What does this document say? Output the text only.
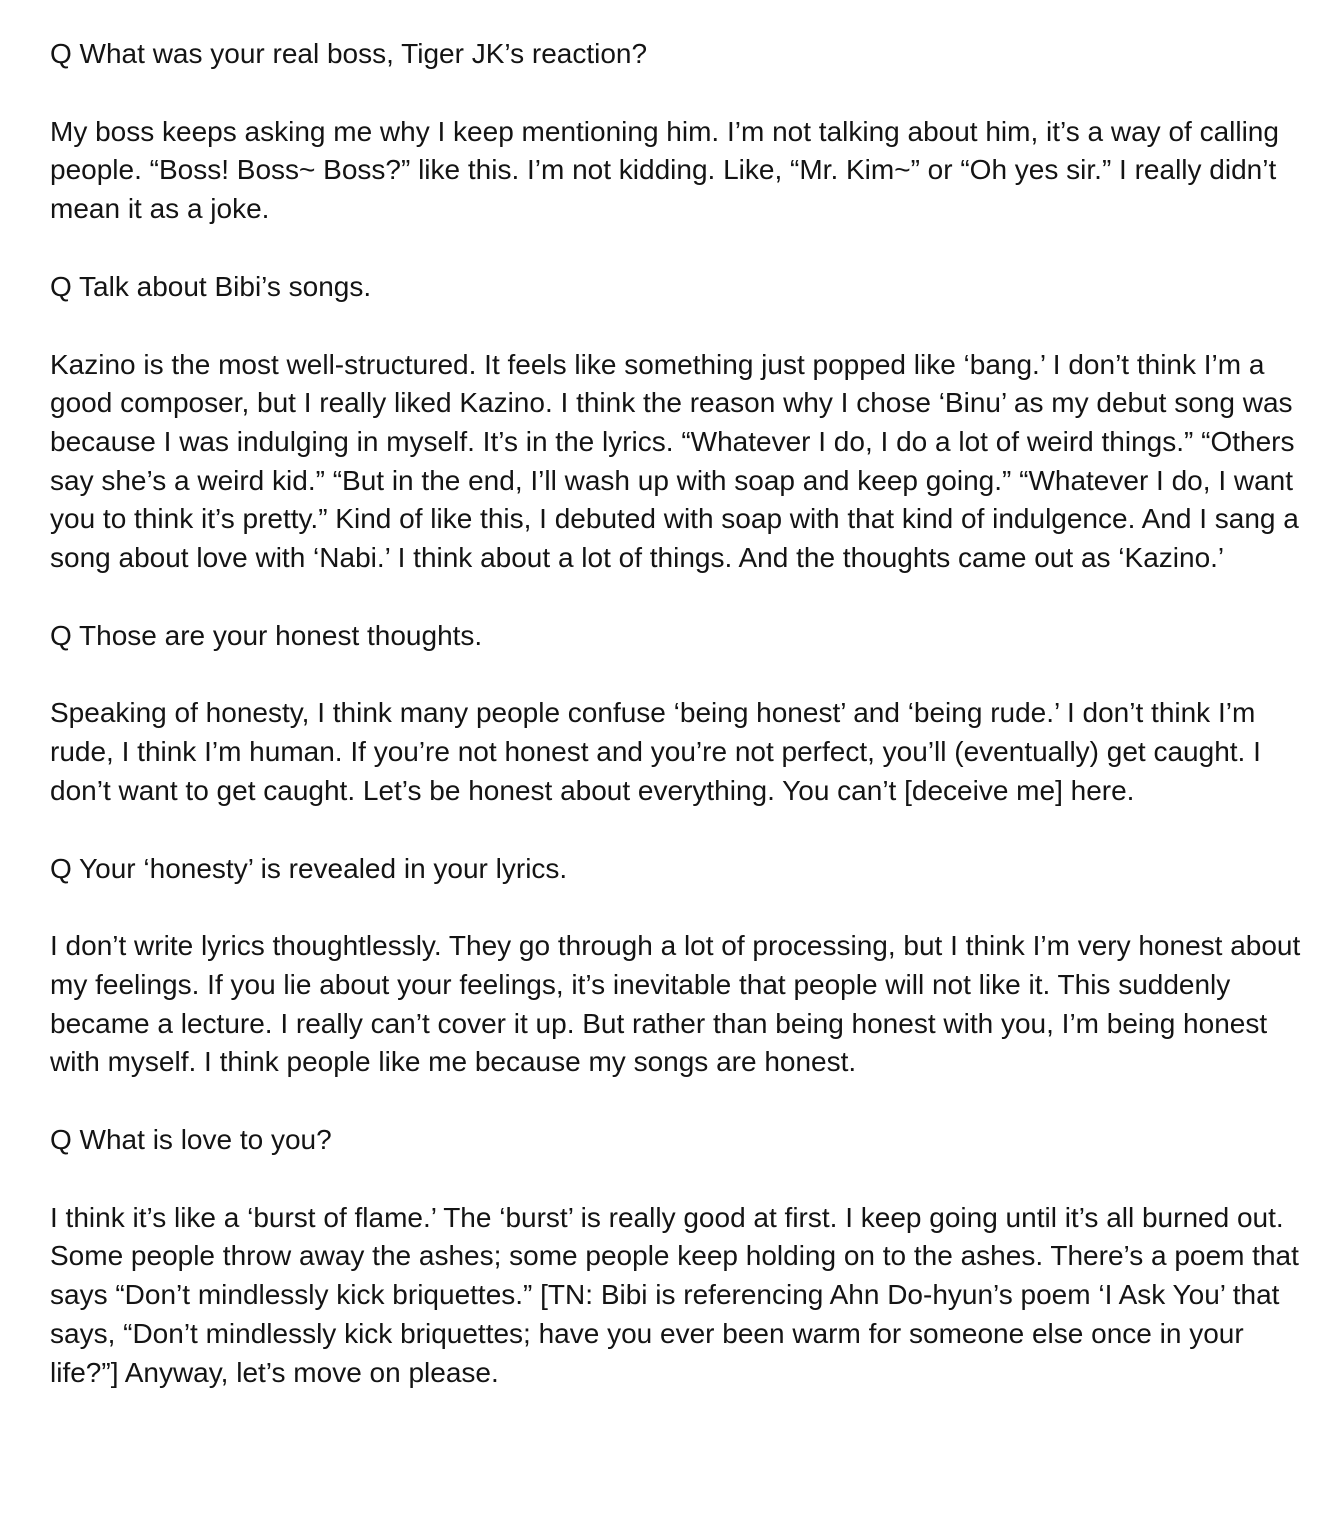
Q What was your real boss, Tiger JK’s reaction?

My boss keeps asking me why I keep mentioning him. I’m not talking about him, it’s a way of calling people. “Boss! Boss~ Boss?” like this. I’m not kidding. Like, “Mr. Kim~” or “Oh yes sir.” I really didn’t mean it as a joke.

Q Talk about Bibi’s songs.

Kazino is the most well-structured. It feels like something just popped like ‘bang.’ I don’t think I’m a good composer, but I really liked Kazino. I think the reason why I chose ‘Binu’ as my debut song was because I was indulging in myself. It’s in the lyrics. “Whatever I do, I do a lot of weird things.” “Others say she’s a weird kid.” “But in the end, I’ll wash up with soap and keep going.” “Whatever I do, I want you to think it’s pretty.” Kind of like this, I debuted with soap with that kind of indulgence. And I sang a song about love with ‘Nabi.’ I think about a lot of things. And the thoughts came out as ‘Kazino.’

Q Those are your honest thoughts.

Speaking of honesty, I think many people confuse ‘being honest’ and ‘being rude.’ I don’t think I’m rude, I think I’m human. If you’re not honest and you’re not perfect, you’ll (eventually) get caught. I don’t want to get caught. Let’s be honest about everything. You can’t [deceive me] here.

Q Your ‘honesty’ is revealed in your lyrics.

I don’t write lyrics thoughtlessly. They go through a lot of processing, but I think I’m very honest about my feelings. If you lie about your feelings, it’s inevitable that people will not like it. This suddenly became a lecture. I really can’t cover it up. But rather than being honest with you, I’m being honest with myself. I think people like me because my songs are honest.

Q What is love to you?

I think it’s like a ‘burst of flame.’ The ‘burst’ is really good at first. I keep going until it’s all burned out. Some people throw away the ashes; some people keep holding on to the ashes. There’s a poem that says “Don’t mindlessly kick briquettes.” [TN: Bibi is referencing Ahn Do-hyun’s poem ‘I Ask You’ that says, “Don’t mindlessly kick briquettes; have you ever been warm for someone else once in your life?”] Anyway, let’s move on please.
